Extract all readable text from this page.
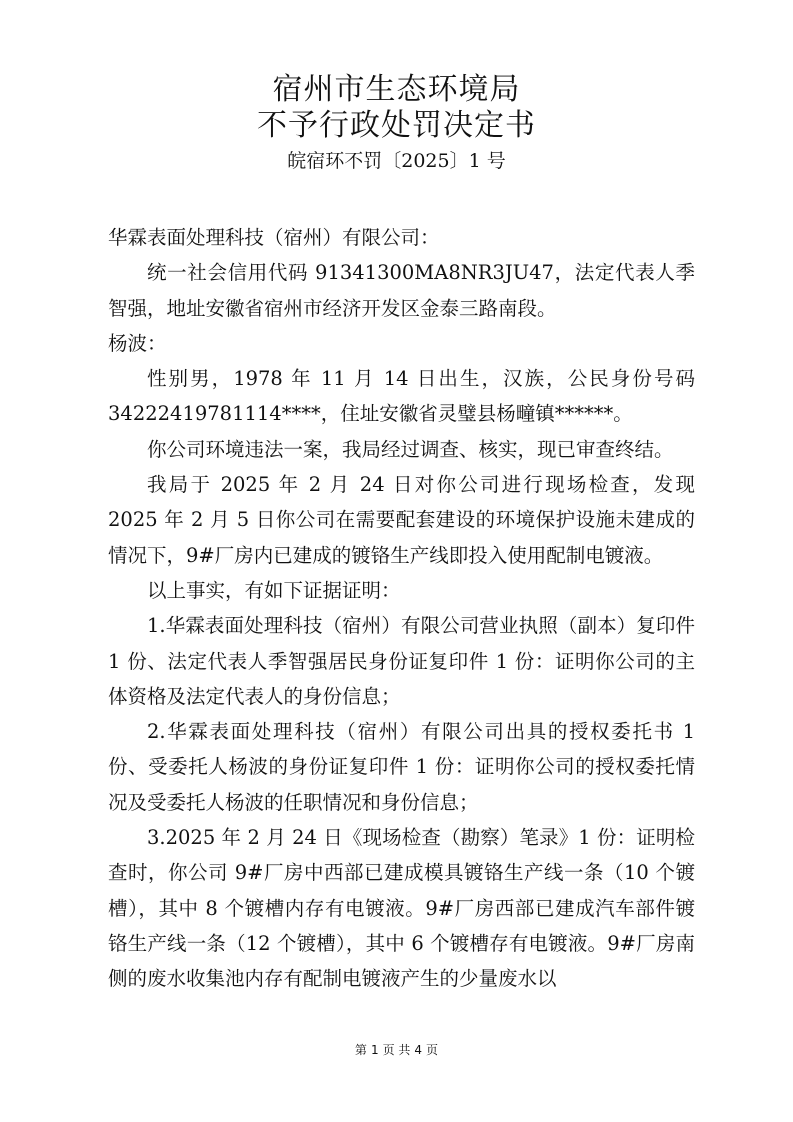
宿州市生态环境局
不予行政处罚决定书
皖宿环不罚〔2025〕1 号

华霖表面处理科技（宿州）有限公司：

统一社会信用代码 91341300MA8NR3JU47，法定代表人季智强，地址安徽省宿州市经济开发区金泰三路南段。

杨波：

性别男，1978 年 11 月 14 日出生，汉族，公民身份号码 34222419781114****，住址安徽省灵璧县杨疃镇******。

你公司环境违法一案，我局经过调查、核实，现已审查终结。

我局于 2025 年 2 月 24 日对你公司进行现场检查，发现 2025 年 2 月 5 日你公司在需要配套建设的环境保护设施未建成的情况下，9#厂房内已建成的镀铬生产线即投入使用配制电镀液。

以上事实，有如下证据证明：

1.华霖表面处理科技（宿州）有限公司营业执照（副本）复印件 1 份、法定代表人季智强居民身份证复印件 1 份：证明你公司的主体资格及法定代表人的身份信息；

2.华霖表面处理科技（宿州）有限公司出具的授权委托书 1 份、受委托人杨波的身份证复印件 1 份：证明你公司的授权委托情况及受委托人杨波的任职情况和身份信息；

3.2025 年 2 月 24 日《现场检查（勘察）笔录》1 份：证明检查时，你公司 9#厂房中西部已建成模具镀铬生产线一条（10 个镀槽），其中 8 个镀槽内存有电镀液。9#厂房西部已建成汽车部件镀铬生产线一条（12 个镀槽），其中 6 个镀槽存有电镀液。9#厂房南侧的废水收集池内存有配制电镀液产生的少量废水以

第 1 页 共 4 页
